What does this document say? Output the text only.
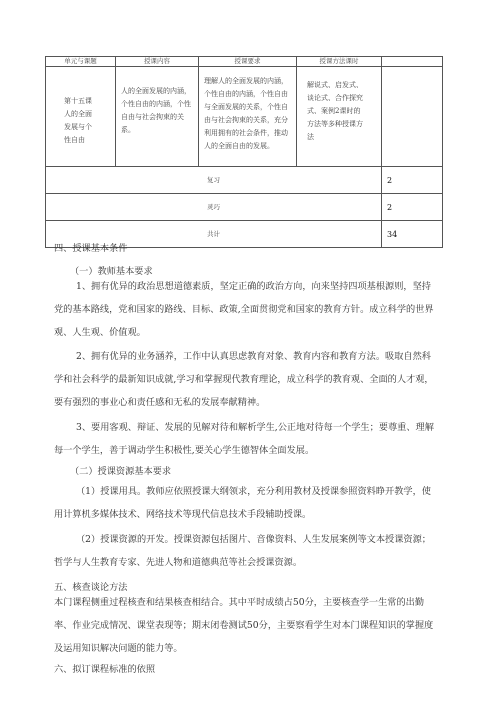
单元与课题	授课内容	授课要求	授课方法课时	

第十五课人的全面发展与个性自由	人的全面发展的内涵，个性自由的内涵，个性自由与社会拘束的关系。	理解人的全面发展的内涵，个性自由的内涵，个性自由与全面发展的关系，个性自由与社会拘束的关系，充分利用拥有的社会条件，推动人的全面自由的发展。	解说式、启发式、谈论式、合作探究式、案例2课时的方法等多种授课方法	

复习				2
灵巧				2
共计				34
四、授课基本条件
（一）教师基本要求

1、拥有优异的政治思想道德素质，坚定正确的政治方向，向来坚持四项基根源则，坚持党的基本路线，党和国家的路线、目标、政策,全面贯彻党和国家的教育方针。成立科学的世界观、人生观、价值观。

2、拥有优异的业务涵养，工作中认真思虑教育对象、教育内容和教育方法。吸取自然科学和社会科学的最新知识成就,学习和掌握现代教育理论，成立科学的教育观、全面的人才观，要有强烈的事业心和责任感和无私的发展奉献精神。

3、要用客观、辩证、发展的见解对待和解析学生,公正地对待每一个学生；要尊重、理解每一个学生，善于调动学生积极性,要关心学生德智体全面发展。

（二）授课资源基本要求

（1）授课用具。教师应依照授课大纲领求，充分利用教材及授课参照资料睁开教学，使用计算机多媒体技术、网络技术等现代信息技术手段辅助授课。

（2）授课资源的开发。授课资源包括图片、音像资料、人生发展案例等文本授课资源；哲学与人生教育专家、先进人物和道德典范等社会授课资源。

五、核查谈论方法

本门课程侧重过程核查和结果核查相结合。其中平时成绩占50分，主要核查学一生常的出勤率、作业完成情况、课堂表现等；期末闭卷测试50分，主要察看学生对本门课程知识的掌握度及运用知识解决问题的能力等。

六、拟订课程标准的依照
